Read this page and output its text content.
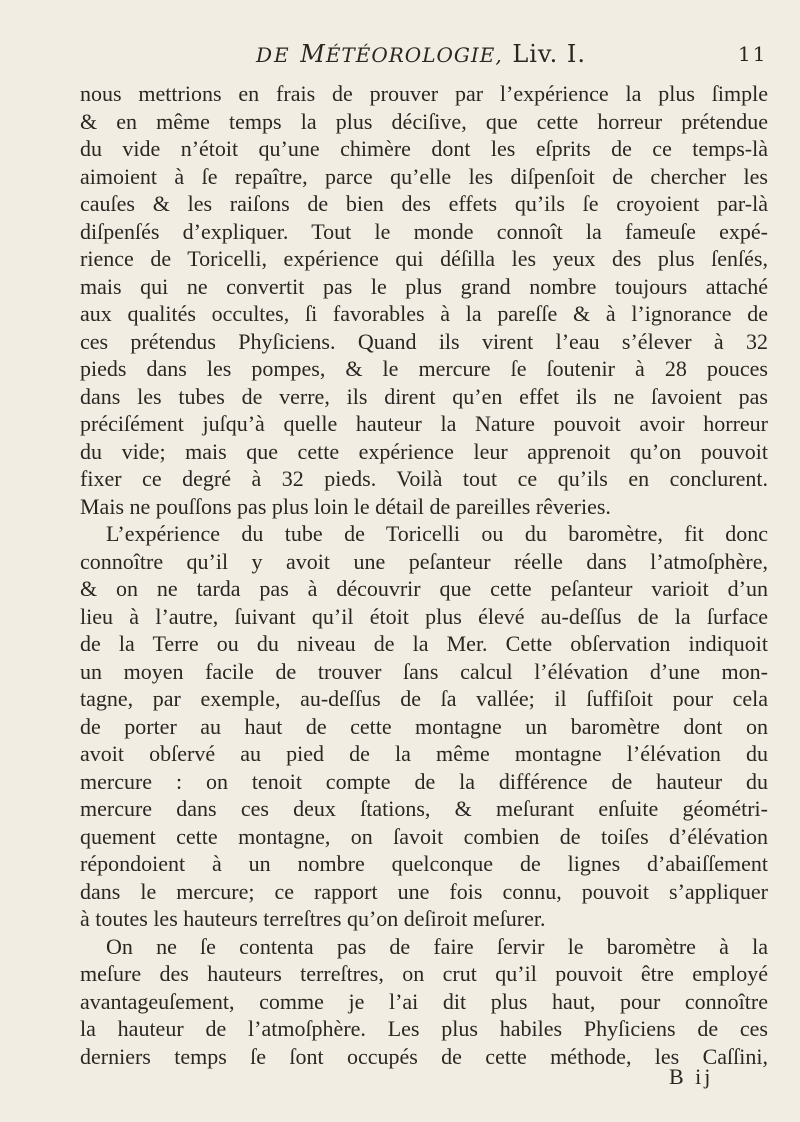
DE MÉTÉOROLOGIE, Liv. I.	11
nous mettrions en frais de prouver par l’expérience la plus ſimple
& en même temps la plus déciſive, que cette horreur prétendue
du vide n’étoit qu’une chimère dont les eſprits de ce temps-là
aimoient à ſe repaître, parce qu’elle les diſpenſoit de chercher les
cauſes & les raiſons de bien des effets qu’ils ſe croyoient par-là
diſpenſés d’expliquer. Tout le monde connoît la fameuſe expé-
rience de Toricelli, expérience qui déſilla les yeux des plus ſenſés,
mais qui ne convertit pas le plus grand nombre toujours attaché
aux qualités occultes, ſi favorables à la pareſſe & à l’ignorance de
ces prétendus Phyſiciens. Quand ils virent l’eau s’élever à 32
pieds dans les pompes, & le mercure ſe ſoutenir à 28 pouces
dans les tubes de verre, ils dirent qu’en effet ils ne ſavoient pas
préciſément juſqu’à quelle hauteur la Nature pouvoit avoir horreur
du vide; mais que cette expérience leur apprenoit qu’on pouvoit
fixer ce degré à 32 pieds. Voilà tout ce qu’ils en conclurent.
Mais ne pouſſons pas plus loin le détail de pareilles rêveries.
L’expérience du tube de Toricelli ou du baromètre, fit donc
connoître qu’il y avoit une peſanteur réelle dans l’atmoſphère,
& on ne tarda pas à découvrir que cette peſanteur varioit d’un
lieu à l’autre, ſuivant qu’il étoit plus élevé au-deſſus de la ſurface
de la Terre ou du niveau de la Mer. Cette obſervation indiquoit
un moyen facile de trouver ſans calcul l’élévation d’une mon-
tagne, par exemple, au-deſſus de ſa vallée; il ſuffiſoit pour cela
de porter au haut de cette montagne un baromètre dont on
avoit obſervé au pied de la même montagne l’élévation du
mercure : on tenoit compte de la différence de hauteur du
mercure dans ces deux ſtations, & meſurant enſuite géométri-
quement cette montagne, on ſavoit combien de toiſes d’élévation
répondoient à un nombre quelconque de lignes d’abaiſſement
dans le mercure; ce rapport une fois connu, pouvoit s’appliquer
à toutes les hauteurs terreſtres qu’on deſiroit meſurer.
On ne ſe contenta pas de faire ſervir le baromètre à la
meſure des hauteurs terreſtres, on crut qu’il pouvoit être employé
avantageuſement, comme je l’ai dit plus haut, pour connoître
la hauteur de l’atmoſphère. Les plus habiles Phyſiciens de ces
derniers temps ſe ſont occupés de cette méthode, les Caſſini,
B ij
